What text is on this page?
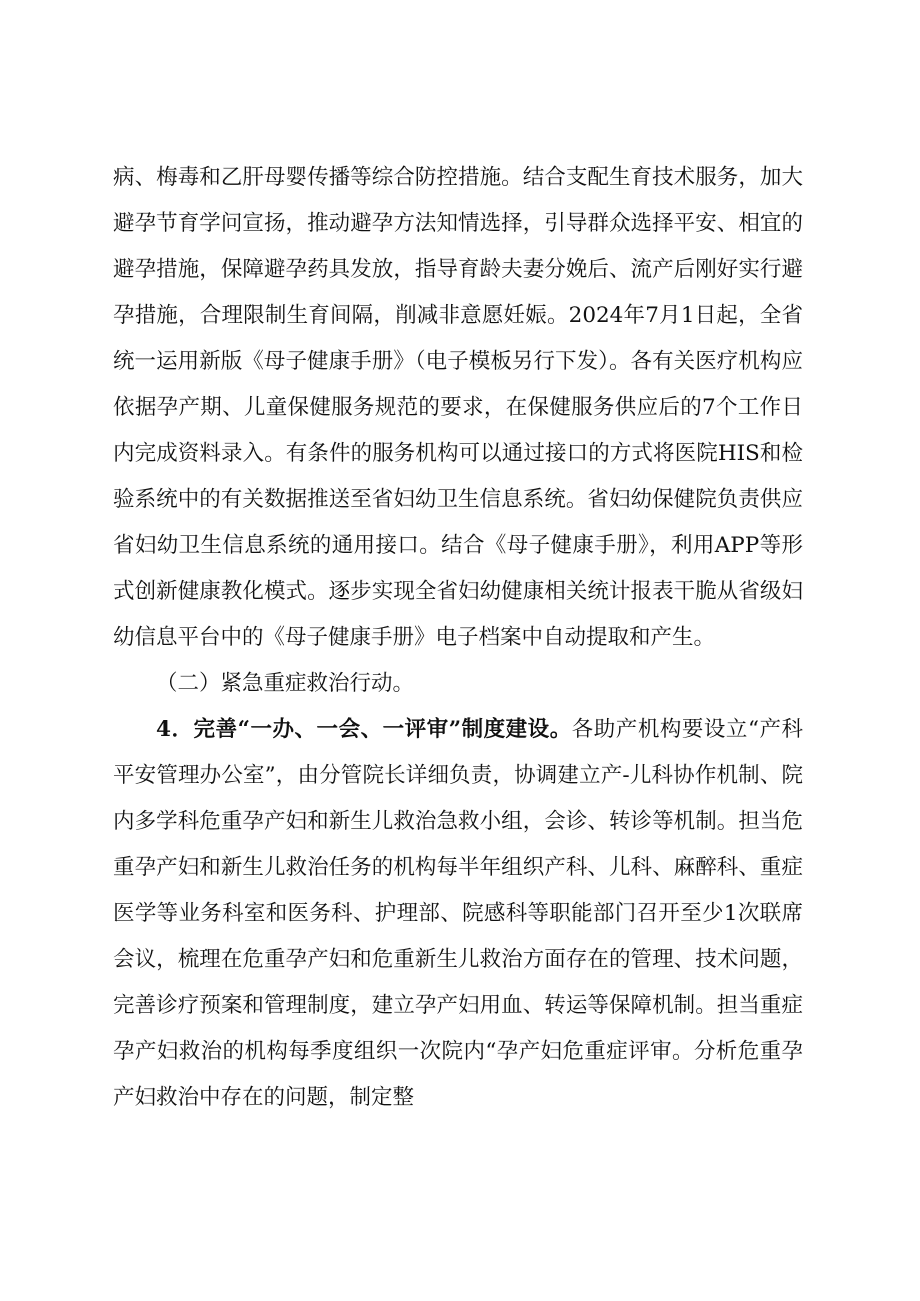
病、梅毒和乙肝母婴传播等综合防控措施。结合支配生育技术服务，加大避孕节育学问宣扬，推动避孕方法知情选择，引导群众选择平安、相宜的避孕措施，保障避孕药具发放，指导育龄夫妻分娩后、流产后刚好实行避孕措施，合理限制生育间隔，削减非意愿妊娠。2024年7月1日起，全省统一运用新版《母子健康手册》（电子模板另行下发）。各有关医疗机构应依据孕产期、儿童保健服务规范的要求，在保健服务供应后的7个工作日内完成资料录入。有条件的服务机构可以通过接口的方式将医院HIS和检验系统中的有关数据推送至省妇幼卫生信息系统。省妇幼保健院负责供应省妇幼卫生信息系统的通用接口。结合《母子健康手册》，利用APP等形式创新健康教化模式。逐步实现全省妇幼健康相关统计报表干脆从省级妇幼信息平台中的《母子健康手册》电子档案中自动提取和产生。

（二）紧急重症救治行动。

4．完善“一办、一会、一评审”制度建设。各助产机构要设立“产科平安管理办公室”，由分管院长详细负责，协调建立产-儿科协作机制、院内多学科危重孕产妇和新生儿救治急救小组，会诊、转诊等机制。担当危重孕产妇和新生儿救治任务的机构每半年组织产科、儿科、麻醉科、重症医学等业务科室和医务科、护理部、院感科等职能部门召开至少1次联席会议，梳理在危重孕产妇和危重新生儿救治方面存在的管理、技术问题，完善诊疗预案和管理制度，建立孕产妇用血、转运等保障机制。担当重症孕产妇救治的机构每季度组织一次院内“孕产妇危重症评审。分析危重孕产妇救治中存在的问题，制定整
